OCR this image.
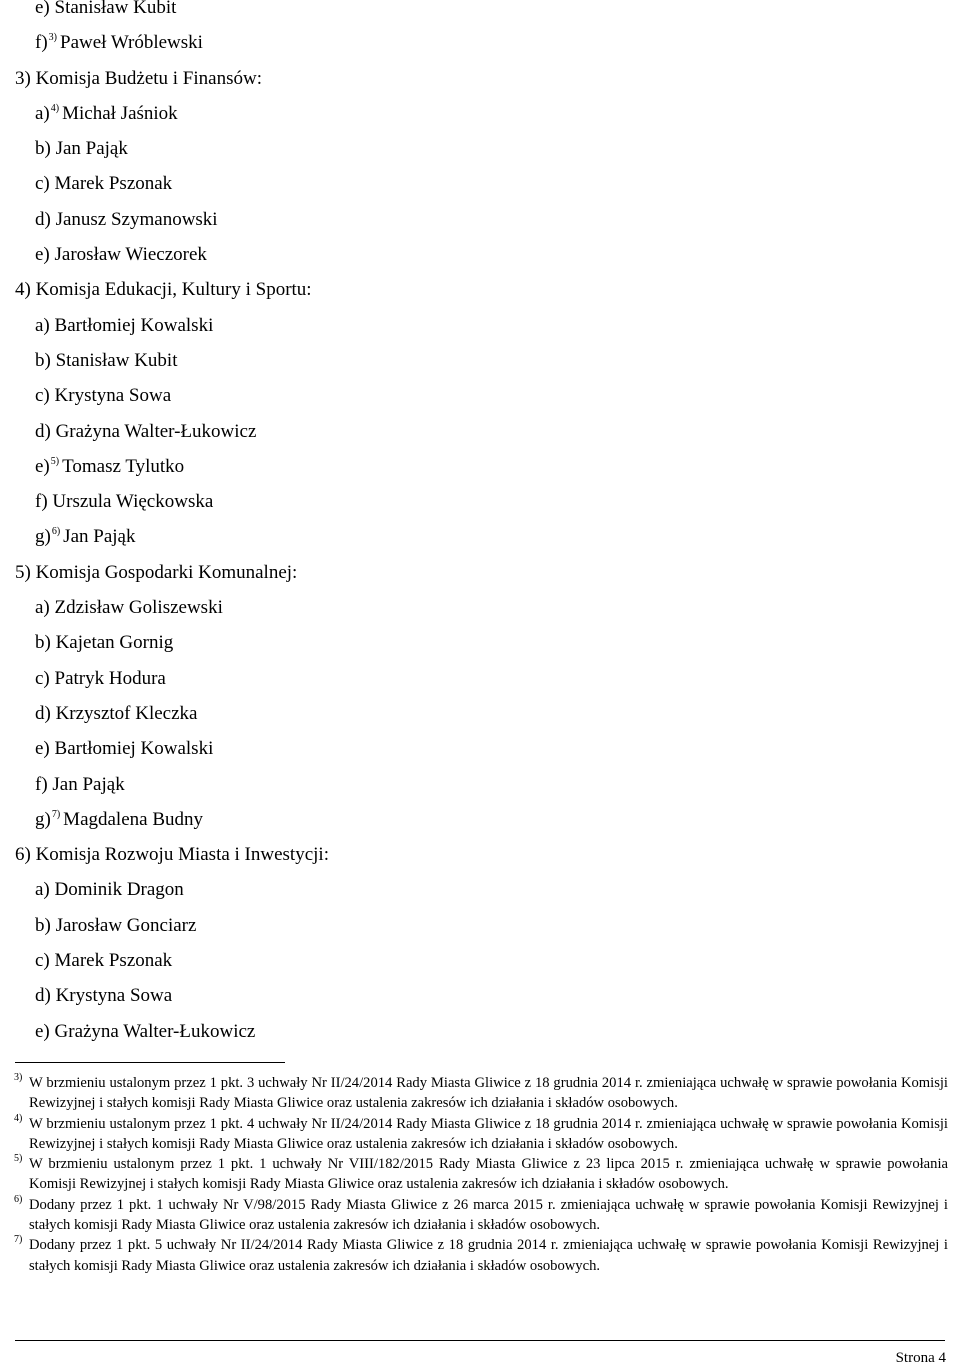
e) Stanisław Kubit
f)$^{3)}$ Paweł Wróblewski
3) Komisja Budżetu i Finansów:
a)$^{4)}$ Michał Jaśniok
b) Jan Pająk
c) Marek Pszonak
d) Janusz Szymanowski
e) Jarosław Wieczorek
4) Komisja Edukacji, Kultury i Sportu:
a) Bartłomiej Kowalski
b) Stanisław Kubit
c) Krystyna Sowa
d) Grażyna Walter-Łukowicz
e)$^{5)}$ Tomasz Tylutko
f) Urszula Więckowska
g)$^{6)}$ Jan Pająk
5) Komisja Gospodarki Komunalnej:
a) Zdzisław Goliszewski
b) Kajetan Gornig
c) Patryk Hodura
d) Krzysztof Kleczka
e) Bartłomiej Kowalski
f) Jan Pająk
g)$^{7)}$ Magdalena Budny
6) Komisja Rozwoju Miasta i Inwestycji:
a) Dominik Dragon
b) Jarosław Gonciarz
c) Marek Pszonak
d) Krystyna Sowa
e) Grażyna Walter-Łukowicz
3) W brzmieniu ustalonym przez 1 pkt. 3 uchwały Nr II/24/2014 Rady Miasta Gliwice z 18 grudnia 2014 r. zmieniająca uchwałę w sprawie powołania Komisji Rewizyjnej i stałych komisji Rady Miasta Gliwice oraz ustalenia zakresów ich działania i składów osobowych.
4) W brzmieniu ustalonym przez 1 pkt. 4 uchwały Nr II/24/2014 Rady Miasta Gliwice z 18 grudnia 2014 r. zmieniająca uchwałę w sprawie powołania Komisji Rewizyjnej i stałych komisji Rady Miasta Gliwice oraz ustalenia zakresów ich działania i składów osobowych.
5) W brzmieniu ustalonym przez 1 pkt. 1 uchwały Nr VIII/182/2015 Rady Miasta Gliwice z 23 lipca 2015 r. zmieniająca uchwałę w sprawie powołania Komisji Rewizyjnej i stałych komisji Rady Miasta Gliwice oraz ustalenia zakresów ich działania i składów osobowych.
6) Dodany przez 1 pkt. 1 uchwały Nr V/98/2015 Rady Miasta Gliwice z 26 marca 2015 r. zmieniająca uchwałę w sprawie powołania Komisji Rewizyjnej i stałych komisji Rady Miasta Gliwice oraz ustalenia zakresów ich działania i składów osobowych.
7) Dodany przez 1 pkt. 5 uchwały Nr II/24/2014 Rady Miasta Gliwice z 18 grudnia 2014 r. zmieniająca uchwałę w sprawie powołania Komisji Rewizyjnej i stałych komisji Rady Miasta Gliwice oraz ustalenia zakresów ich działania i składów osobowych.
Strona 4
